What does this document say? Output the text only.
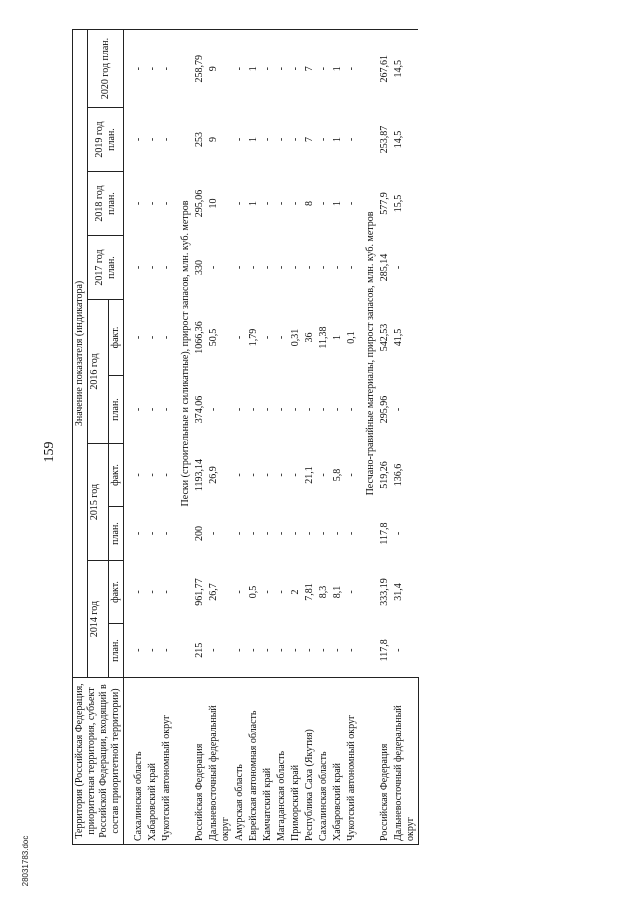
159
Территория (Российская Федерация, приоритетная территория, субъект Российской Федерации, входящий в состав приоритетной территории)	Значение показателя (индикатора)									
	2014 год		2015 год		2016 год		2017 год план.	2018 год план.	2019 год план.	2020 год план.
	план.	факт.	план.	факт.	план.	факт.				

Сахалинская область	-	-	-	-	-	-	-	-	-	-
Хабаровский край	-	-	-	-	-	-	-	-	-	-
Чукотский автономный округ	-	-	-	-	-	-	-	-	-	-
	Пески (строительные и силикатные), прирост запасов, млн. куб. метров									
Российская Федерация	215	961,77	200	1193,14	374,06	1066,36	330	295,06	253	258,79
Дальневосточный федеральный округ	-	26,7	-	26,9	-	50,5	-	10	9	9
Амурская область	-	-	-	-	-	-	-	-	-	-
Еврейская автономная область	-	0,5	-	-	-	1,79	-	1	1	1
Камчатский край	-	-	-	-	-	-	-	-	-	-
Магаданская область	-	-	-	-	-	-	-	-	-	-
Приморский край	-	2	-	-	-	0,31	-	-	-	-
Республика Саха (Якутия)	-	7,81	-	21,1	-	36	-	8	7	7
Сахалинская область	-	8,3	-	-	-	11,38	-	-	-	-
Хабаровский край	-	8,1	-	5,8	-	1	-	1	1	1
Чукотский автономный округ	-	-	-	-	-	0,1	-	-	-	-
	Песчано-гравийные материалы, прирост запасов, млн. куб. метров									
Российская Федерация	117,8	333,19	117,8	519,26	295,96	542,53	285,14	577,9	253,87	267,61
Дальневосточный федеральный округ	-	31,4	-	136,6	-	41,5	-	15,5	14,5	14,5
28031783.doc
